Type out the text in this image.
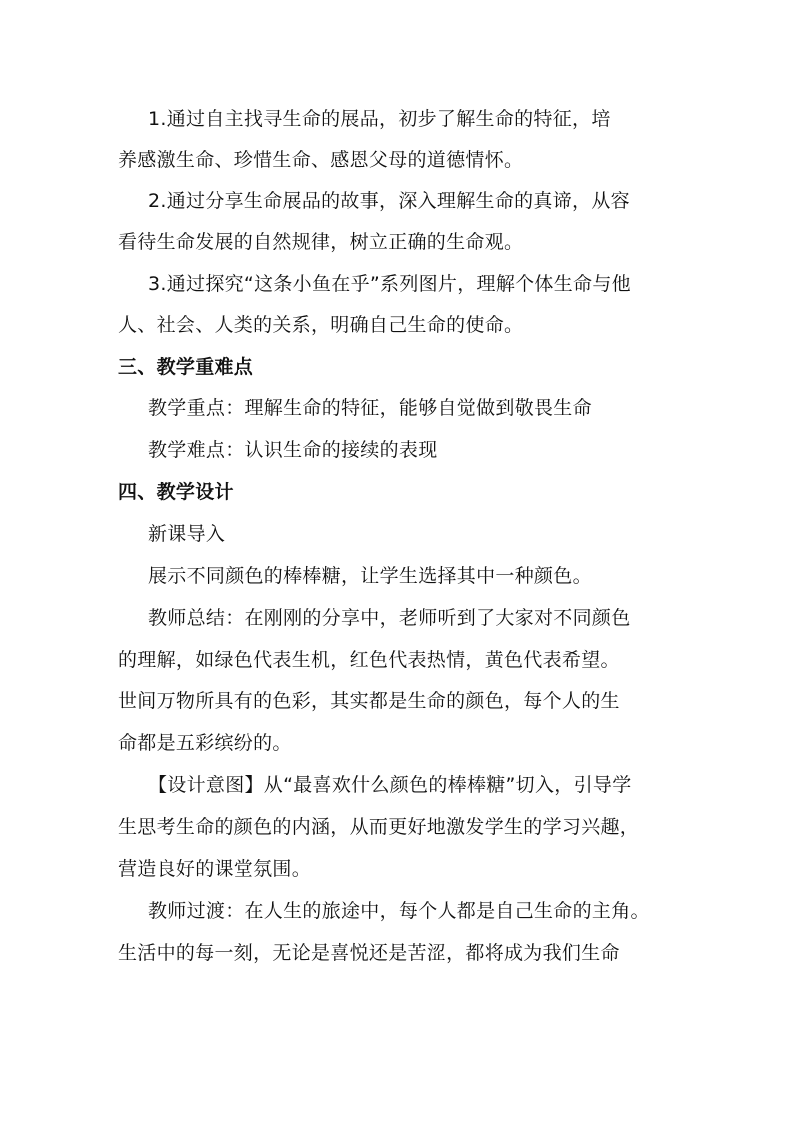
1.通过自主找寻生命的展品，初步了解生命的特征，培
养感激生命、珍惜生命、感恩父母的道德情怀。
2.通过分享生命展品的故事，深入理解生命的真谛，从容
看待生命发展的自然规律，树立正确的生命观。
3.通过探究“这条小鱼在乎”系列图片，理解个体生命与他
人、社会、人类的关系，明确自己生命的使命。
三、教学重难点
教学重点：理解生命的特征，能够自觉做到敬畏生命
教学难点：认识生命的接续的表现
四、教学设计
新课导入
展示不同颜色的棒棒糖，让学生选择其中一种颜色。
教师总结：在刚刚的分享中，老师听到了大家对不同颜色
的理解，如绿色代表生机，红色代表热情，黄色代表希望。
世间万物所具有的色彩，其实都是生命的颜色，每个人的生
命都是五彩缤纷的。
【设计意图】从“最喜欢什么颜色的棒棒糖”切入，引导学
生思考生命的颜色的内涵，从而更好地激发学生的学习兴趣，
营造良好的课堂氛围。
教师过渡：在人生的旅途中，每个人都是自己生命的主角。
生活中的每一刻，无论是喜悦还是苦涩，都将成为我们生命
